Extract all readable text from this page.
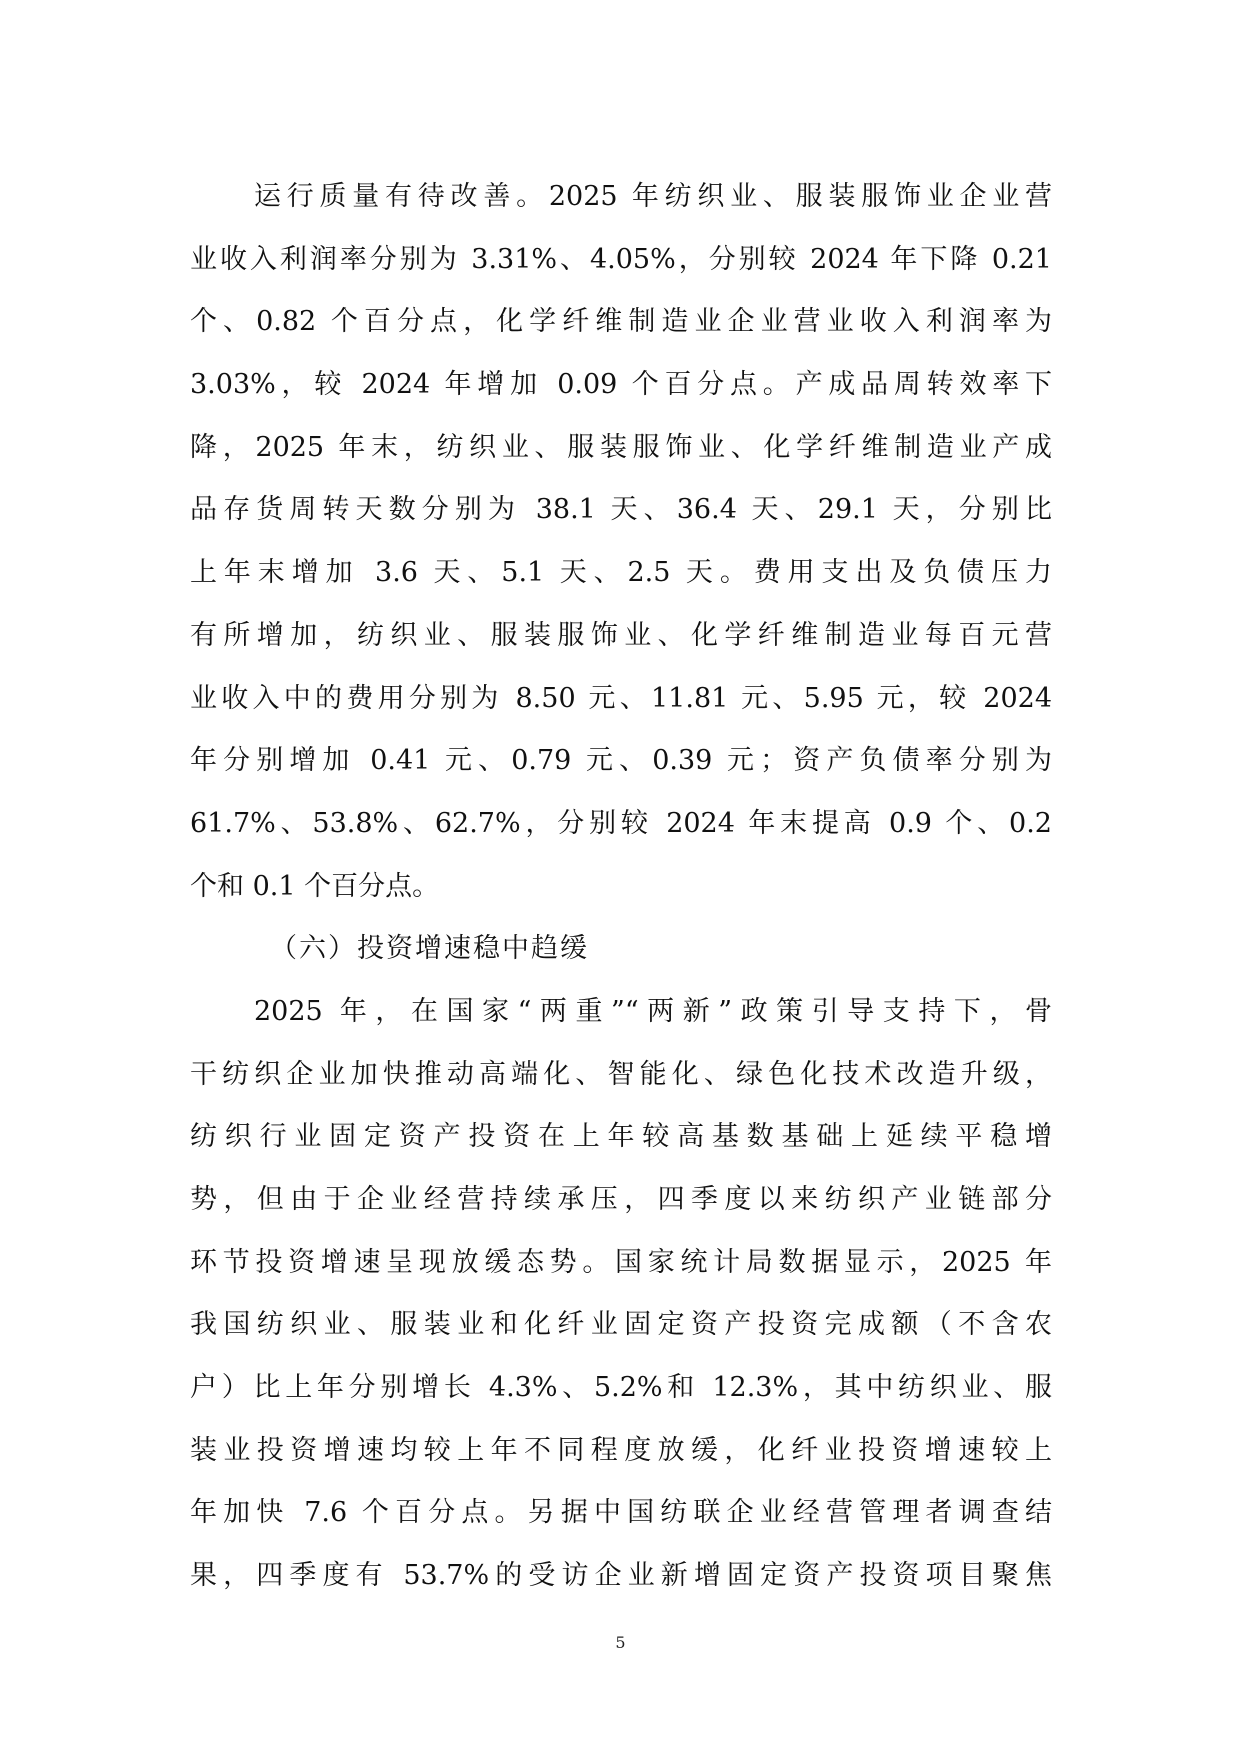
运行质量有待改善。2025 年纺织业、服装服饰业企业营
业收入利润率分别为 3.31%、4.05%，分别较 2024 年下降 0.21
个、0.82 个百分点，化学纤维制造业企业营业收入利润率为
3.03%，较 2024 年增加 0.09 个百分点。产成品周转效率下
降，2025 年末，纺织业、服装服饰业、化学纤维制造业产成
品存货周转天数分别为 38.1 天、36.4 天、29.1 天，分别比
上年末增加 3.6 天、5.1 天、2.5 天。费用支出及负债压力
有所增加，纺织业、服装服饰业、化学纤维制造业每百元营
业收入中的费用分别为 8.50 元、11.81 元、5.95 元，较 2024
年分别增加 0.41 元、0.79 元、0.39 元；资产负债率分别为
61.7%、53.8%、62.7%，分别较 2024 年末提高 0.9 个、0.2
个和 0.1 个百分点。
（六）投资增速稳中趋缓
2025 年，在国家“两重”“两新”政策引导支持下，骨
干纺织企业加快推动高端化、智能化、绿色化技术改造升级，
纺织行业固定资产投资在上年较高基数基础上延续平稳增
势，但由于企业经营持续承压，四季度以来纺织产业链部分
环节投资增速呈现放缓态势。国家统计局数据显示，2025 年
我国纺织业、服装业和化纤业固定资产投资完成额（不含农
户）比上年分别增长 4.3%、5.2%和 12.3%，其中纺织业、服
装业投资增速均较上年不同程度放缓，化纤业投资增速较上
年加快 7.6 个百分点。另据中国纺联企业经营管理者调查结
果，四季度有 53.7%的受访企业新增固定资产投资项目聚焦
5
